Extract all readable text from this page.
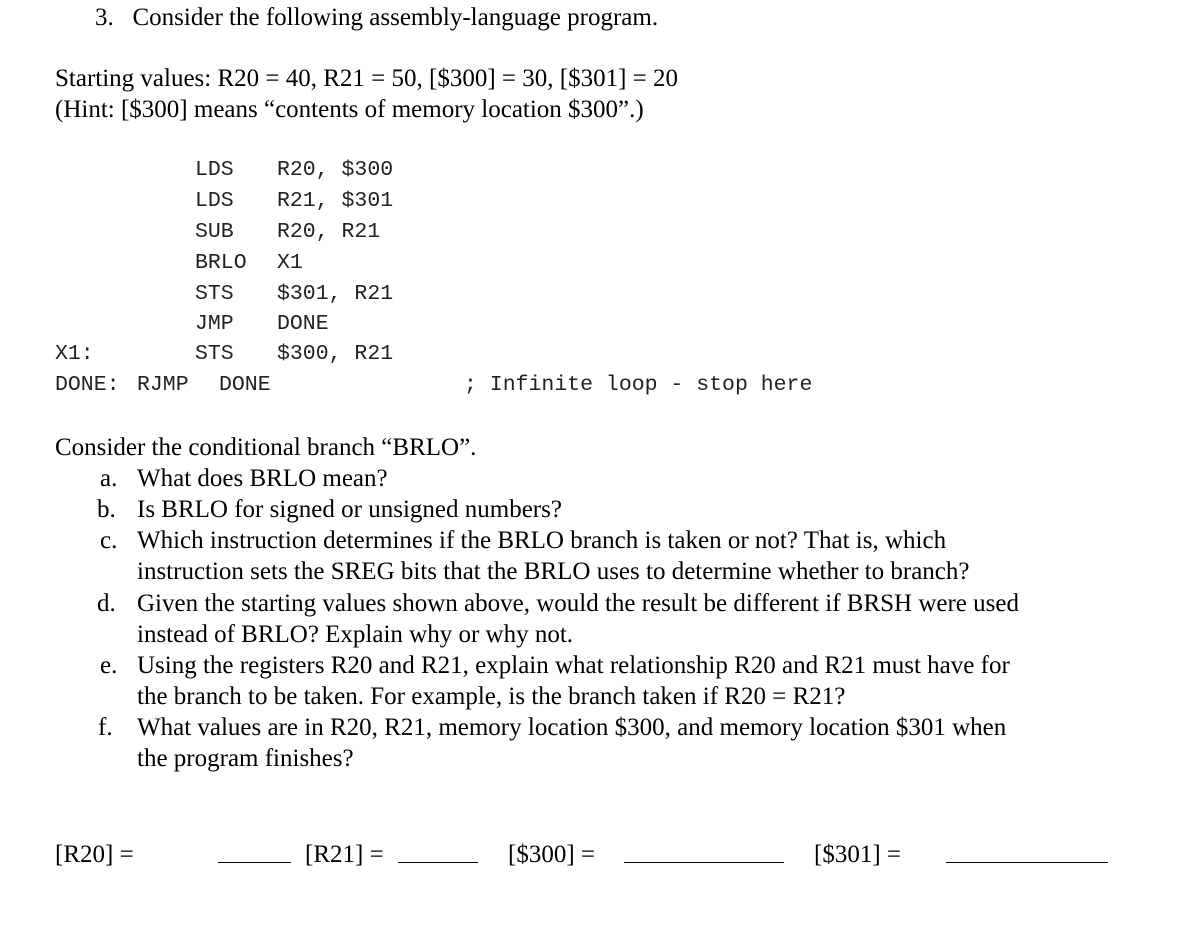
3. Consider the following assembly-language program.
Starting values: R20 = 40, R21 = 50, [$300] = 30, [$301] = 20
(Hint: [$300] means “contents of memory location $300”.)
LDS R20, $300
LDS R21, $301
SUB R20, R21
BRLO X1
STS $301, R21
JMP DONE
X1:	STS $300, R21
DONE: RJMP DONE	; Infinite loop - stop here
Consider the conditional branch “BRLO”.
a. What does BRLO mean?
b. Is BRLO for signed or unsigned numbers?
c. Which instruction determines if the BRLO branch is taken or not? That is, which
instruction sets the SREG bits that the BRLO uses to determine whether to branch?
d. Given the starting values shown above, would the result be different if BRSH were used
instead of BRLO? Explain why or why not.
e. Using the registers R20 and R21, explain what relationship R20 and R21 must have for
the branch to be taken. For example, is the branch taken if R20 = R21?
f. What values are in R20, R21, memory location $300, and memory location $301 when
the program finishes?
[R20] =	[R21] =	[$300] =	[$301] =
